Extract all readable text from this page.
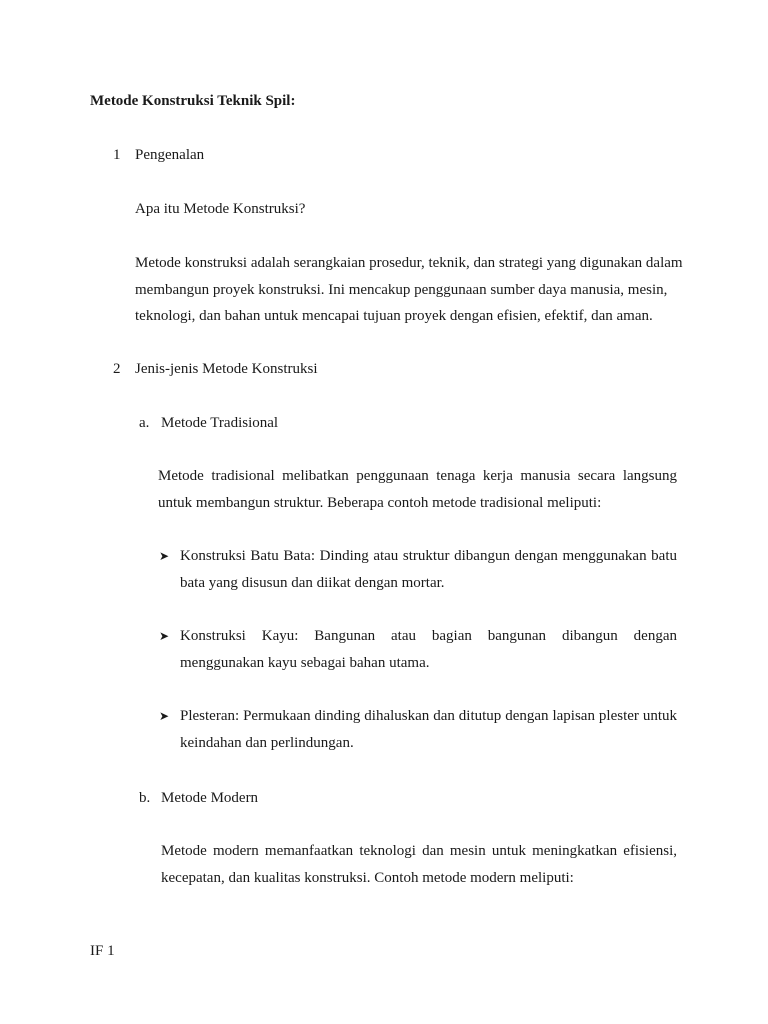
Metode Konstruksi Teknik Spil:
1 Pengenalan
Apa itu Metode Konstruksi?
Metode konstruksi adalah serangkaian prosedur, teknik, dan strategi yang digunakan dalam
membangun proyek konstruksi. Ini mencakup penggunaan sumber daya manusia, mesin,
teknologi, dan bahan untuk mencapai tujuan proyek dengan efisien, efektif, dan aman.
2 Jenis-jenis Metode Konstruksi
a. Metode Tradisional
Metode tradisional melibatkan penggunaan tenaga kerja manusia secara langsung untuk membangun struktur. Beberapa contoh metode tradisional meliputi:
➤ Konstruksi Batu Bata: Dinding atau struktur dibangun dengan menggunakan batu bata yang disusun dan diikat dengan mortar.
➤ Konstruksi Kayu: Bangunan atau bagian bangunan dibangun dengan menggunakan kayu sebagai bahan utama.
➤ Plesteran: Permukaan dinding dihaluskan dan ditutup dengan lapisan plester untuk keindahan dan perlindungan.
b. Metode Modern
Metode modern memanfaatkan teknologi dan mesin untuk meningkatkan efisiensi, kecepatan, dan kualitas konstruksi. Contoh metode modern meliputi:
IF 1
